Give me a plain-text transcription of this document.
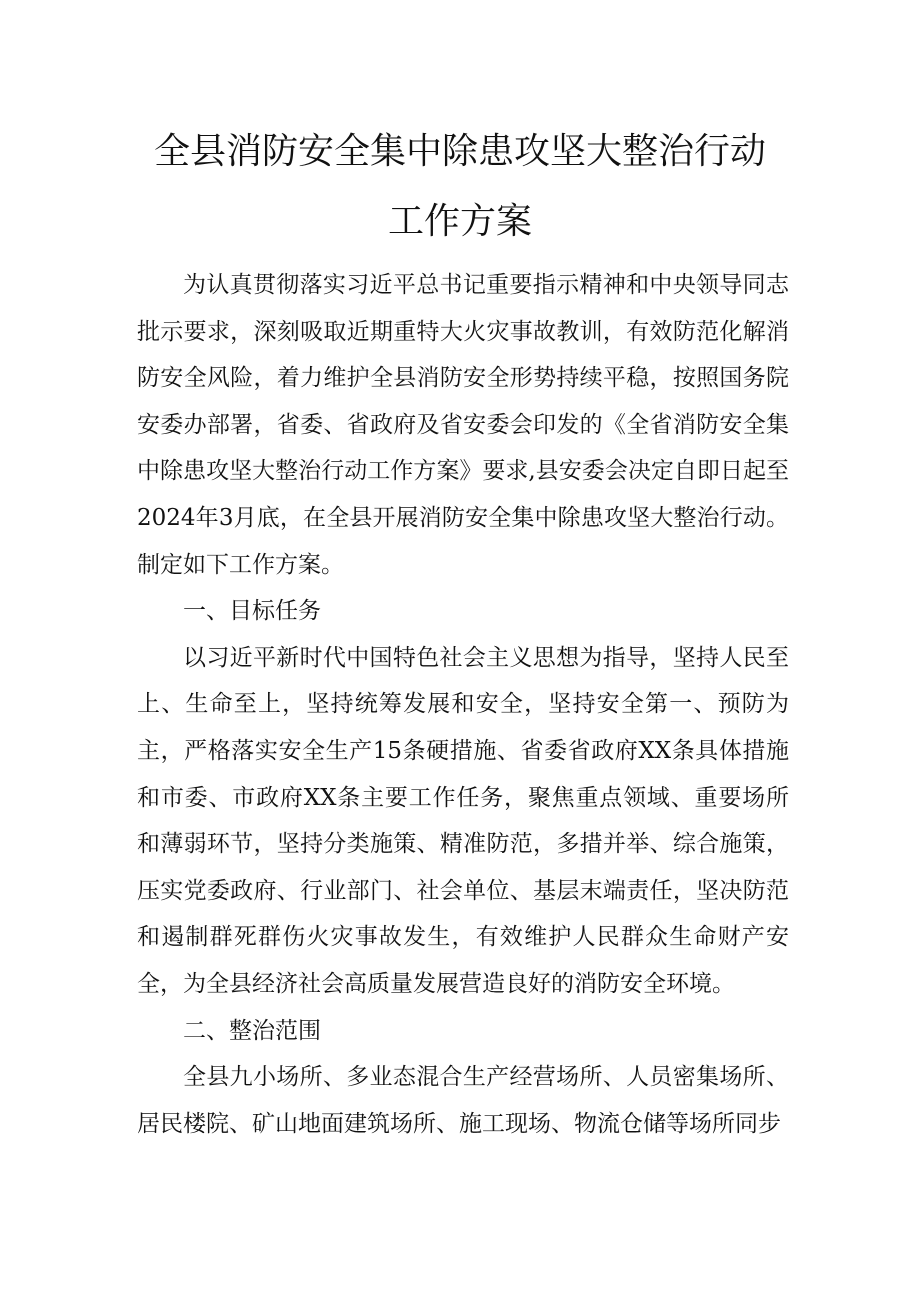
全县消防安全集中除患攻坚大整治行动
工作方案

为认真贯彻落实习近平总书记重要指示精神和中央领导同志批示要求，深刻吸取近期重特大火灾事故教训，有效防范化解消防安全风险，着力维护全县消防安全形势持续平稳，按照国务院安委办部署，省委、省政府及省安委会印发的《全省消防安全集中除患攻坚大整治行动工作方案》要求,县安委会决定自即日起至2024年3月底，在全县开展消防安全集中除患攻坚大整治行动。制定如下工作方案。

一、目标任务

以习近平新时代中国特色社会主义思想为指导，坚持人民至上、生命至上，坚持统筹发展和安全，坚持安全第一、预防为主，严格落实安全生产15条硬措施、省委省政府XX条具体措施和市委、市政府XX条主要工作任务，聚焦重点领域、重要场所和薄弱环节，坚持分类施策、精准防范，多措并举、综合施策，压实党委政府、行业部门、社会单位、基层末端责任，坚决防范和遏制群死群伤火灾事故发生，有效维护人民群众生命财产安全，为全县经济社会高质量发展营造良好的消防安全环境。

二、整治范围

全县九小场所、多业态混合生产经营场所、人员密集场所、居民楼院、矿山地面建筑场所、施工现场、物流仓储等场所同步
